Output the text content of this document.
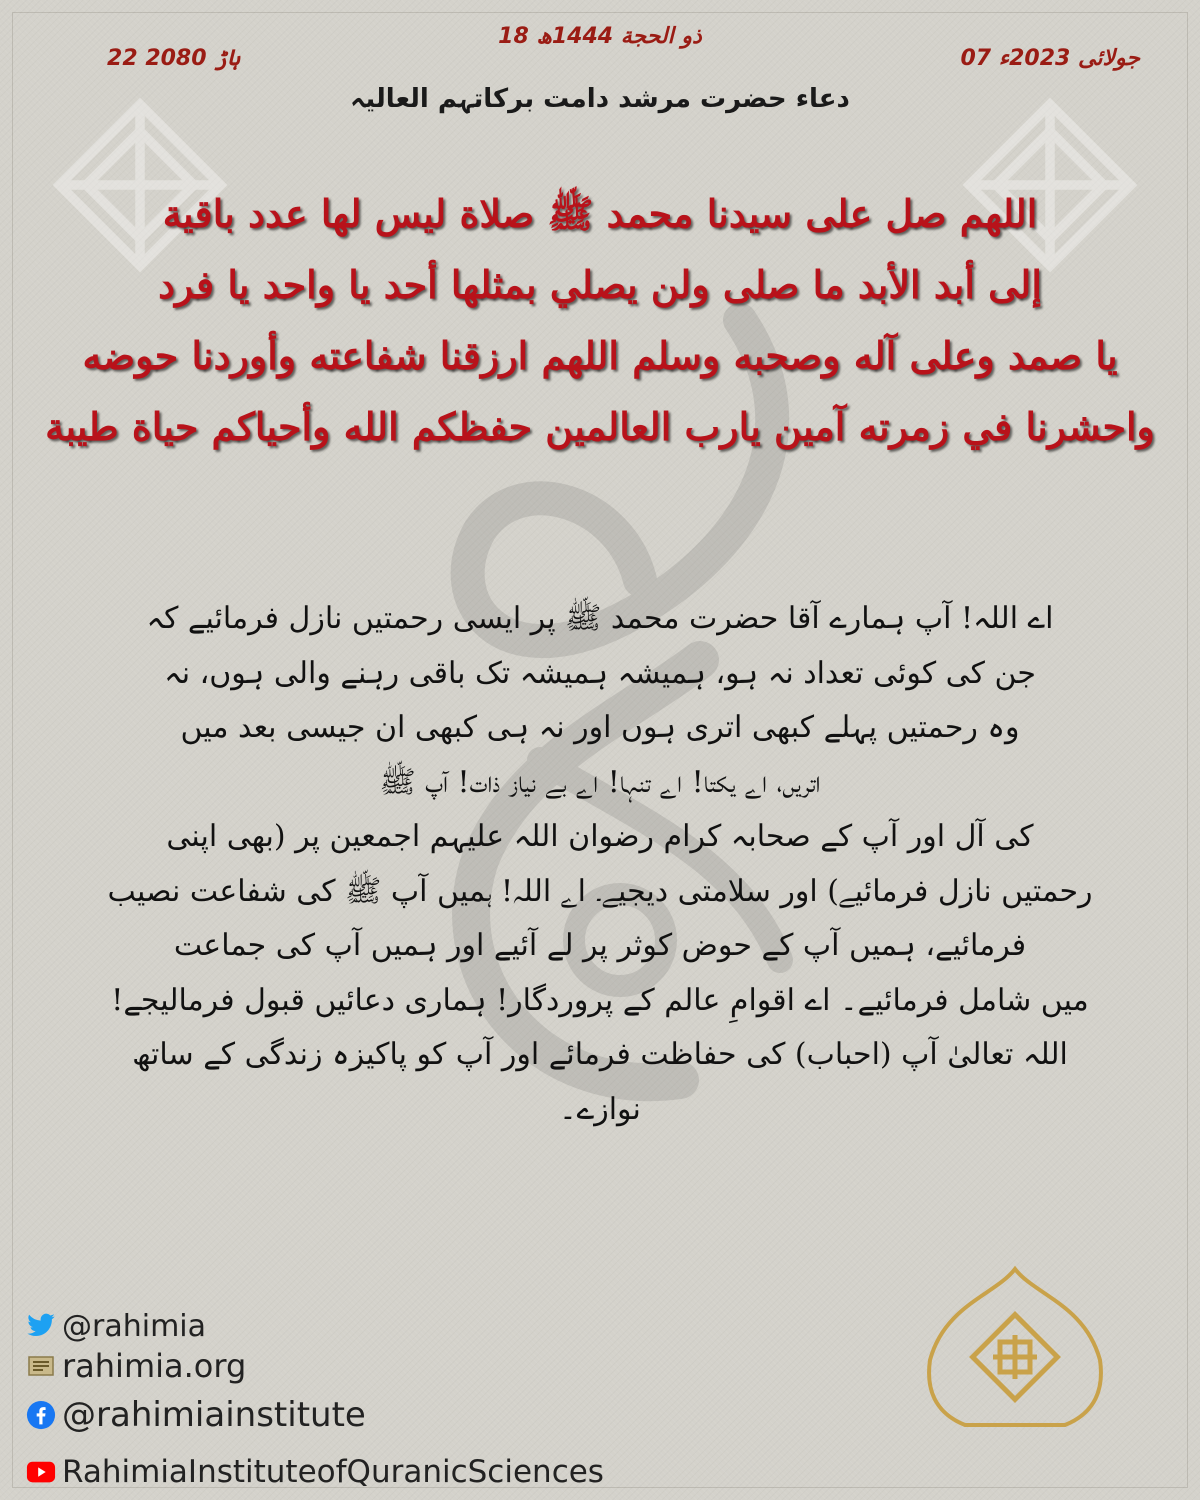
18 ذو الحجة 1444ھ
07 جولائی 2023ء
22 ہاڑ 2080
دعاء حضرت مرشد دامت برکاتہم العالیہ
اللهم صل على سيدنا محمد ﷺ صلاة ليس لها عدد باقية
إلى أبد الأبد ما صلى ولن يصلي بمثلها أحد يا واحد يا فرد
يا صمد وعلى آله وصحبه وسلم اللهم ارزقنا شفاعته وأوردنا حوضه
واحشرنا في زمرته آمين يارب العالمين حفظكم الله وأحياكم حياة طيبة
اے اللہ! آپ ہمارے آقا حضرت محمد ﷺ پر ایسی رحمتیں نازل فرمائیے کہ
جن کی کوئی تعداد نہ ہو، ہمیشہ ہمیشہ تک باقی رہنے والی ہوں، نہ
وہ رحمتیں پہلے کبھی اتری ہوں اور نہ ہی کبھی ان جیسی بعد میں
اتریں، اے یکتا! اے تنہا! اے بے نیاز ذات! آپ ﷺ
کی آل اور آپ کے صحابہ کرام رضوان اللہ علیہم اجمعین پر (بھی اپنی
رحمتیں نازل فرمائیے) اور سلامتی دیجیے۔ اے اللہ! ہمیں آپ ﷺ کی شفاعت نصیب
فرمائیے، ہمیں آپ کے حوض کوثر پر لے آئیے اور ہمیں آپ کی جماعت
میں شامل فرمائیے۔ اے اقوامِ عالم کے پروردگار! ہماری دعائیں قبول فرمالیجے!
اللہ تعالیٰ آپ (احباب) کی حفاظت فرمائے اور آپ کو پاکیزہ زندگی کے ساتھ
نوازے۔
@rahimia
rahimia.org
@rahimiainstitute
RahimiaInstituteofQuranicSciences
